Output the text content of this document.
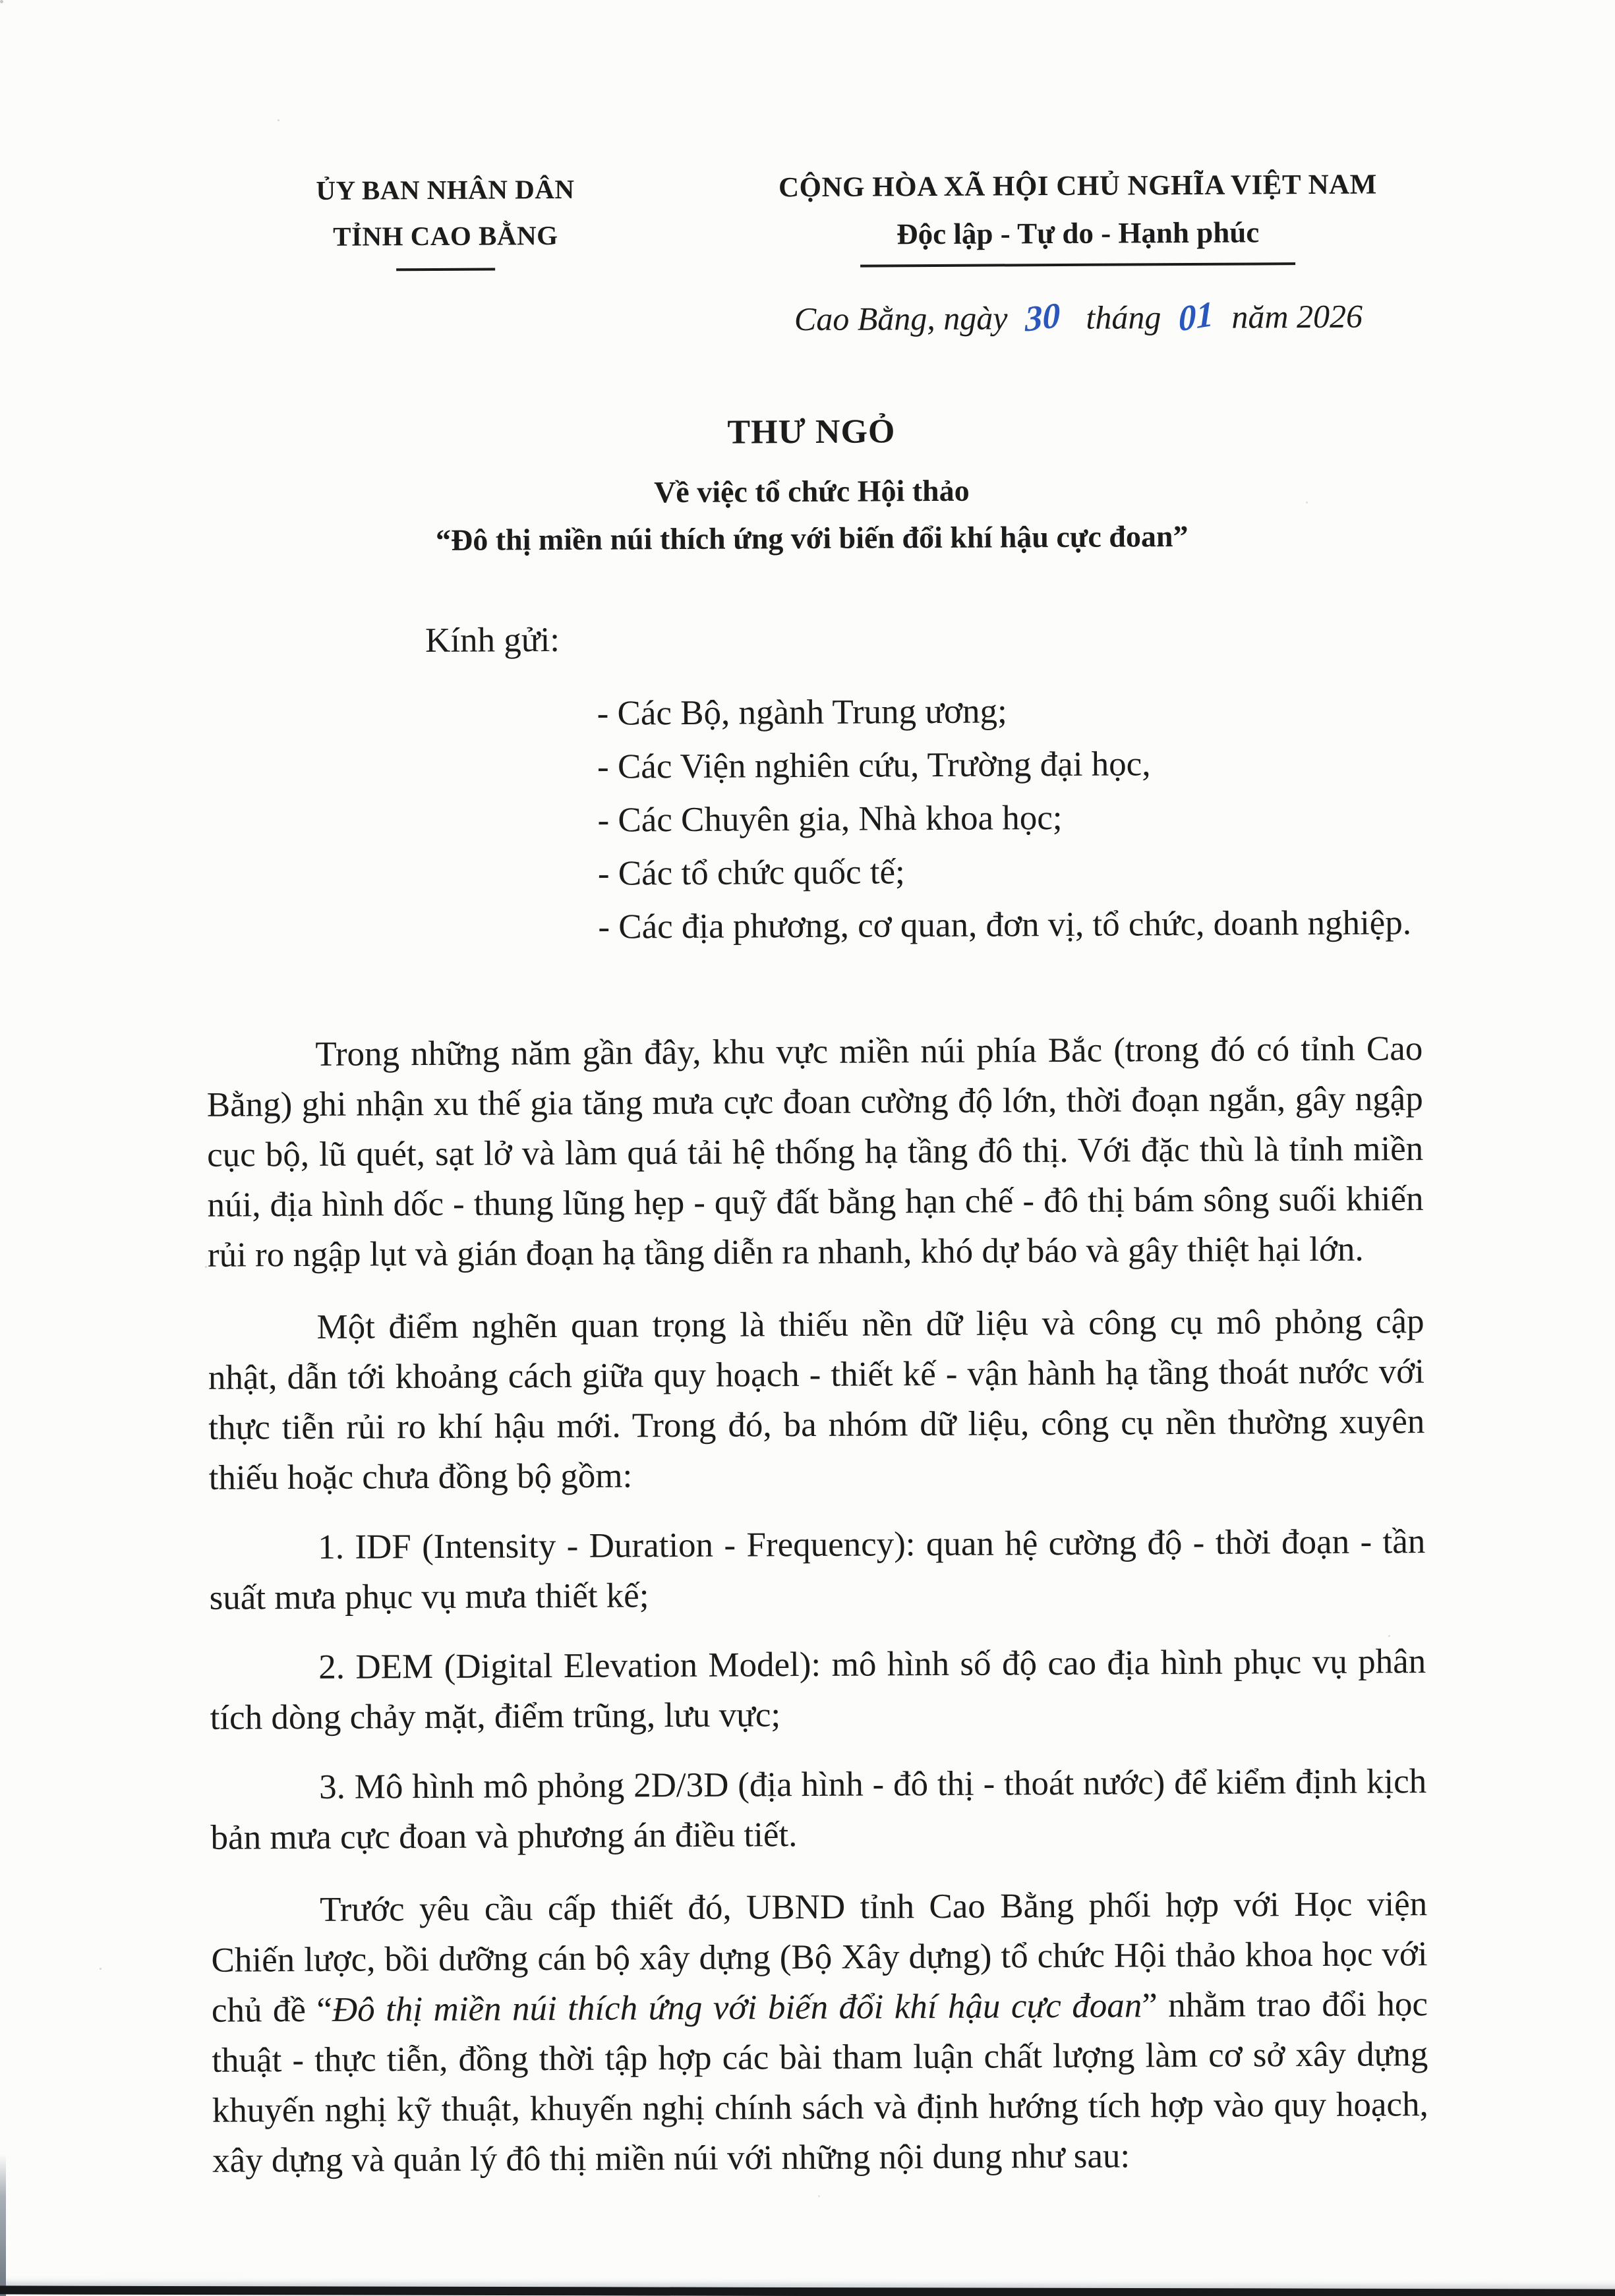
ỦY BAN NHÂN DÂN
TỈNH CAO BẰNG
CỘNG HÒA XÃ HỘI CHỦ NGHĨA VIỆT NAM
Độc lập - Tự do - Hạnh phúc
Cao Bằng, ngày 30 tháng 01 năm 2026
THƯ NGỎ
Về việc tổ chức Hội thảo
“Đô thị miền núi thích ứng với biến đổi khí hậu cực đoan”
Kính gửi:
- Các Bộ, ngành Trung ương;
- Các Viện nghiên cứu, Trường đại học,
- Các Chuyên gia, Nhà khoa học;
- Các tổ chức quốc tế;
- Các địa phương, cơ quan, đơn vị, tổ chức, doanh nghiệp.

Trong những năm gần đây, khu vực miền núi phía Bắc (trong đó có tỉnh Cao Bằng) ghi nhận xu thế gia tăng mưa cực đoan cường độ lớn, thời đoạn ngắn, gây ngập cục bộ, lũ quét, sạt lở và làm quá tải hệ thống hạ tầng đô thị. Với đặc thù là tỉnh miền núi, địa hình dốc - thung lũng hẹp - quỹ đất bằng hạn chế - đô thị bám sông suối khiến rủi ro ngập lụt và gián đoạn hạ tầng diễn ra nhanh, khó dự báo và gây thiệt hại lớn.

Một điểm nghẽn quan trọng là thiếu nền dữ liệu và công cụ mô phỏng cập nhật, dẫn tới khoảng cách giữa quy hoạch - thiết kế - vận hành hạ tầng thoát nước với thực tiễn rủi ro khí hậu mới. Trong đó, ba nhóm dữ liệu, công cụ nền thường xuyên thiếu hoặc chưa đồng bộ gồm:

1. IDF (Intensity - Duration - Frequency): quan hệ cường độ - thời đoạn - tần suất mưa phục vụ mưa thiết kế;

2. DEM (Digital Elevation Model): mô hình số độ cao địa hình phục vụ phân tích dòng chảy mặt, điểm trũng, lưu vực;

3. Mô hình mô phỏng 2D/3D (địa hình - đô thị - thoát nước) để kiểm định kịch bản mưa cực đoan và phương án điều tiết.

Trước yêu cầu cấp thiết đó, UBND tỉnh Cao Bằng phối hợp với Học viện Chiến lược, bồi dưỡng cán bộ xây dựng (Bộ Xây dựng) tổ chức Hội thảo khoa học với chủ đề “Đô thị miền núi thích ứng với biến đổi khí hậu cực đoan” nhằm trao đổi học thuật - thực tiễn, đồng thời tập hợp các bài tham luận chất lượng làm cơ sở xây dựng khuyến nghị kỹ thuật, khuyến nghị chính sách và định hướng tích hợp vào quy hoạch, xây dựng và quản lý đô thị miền núi với những nội dung như sau:
